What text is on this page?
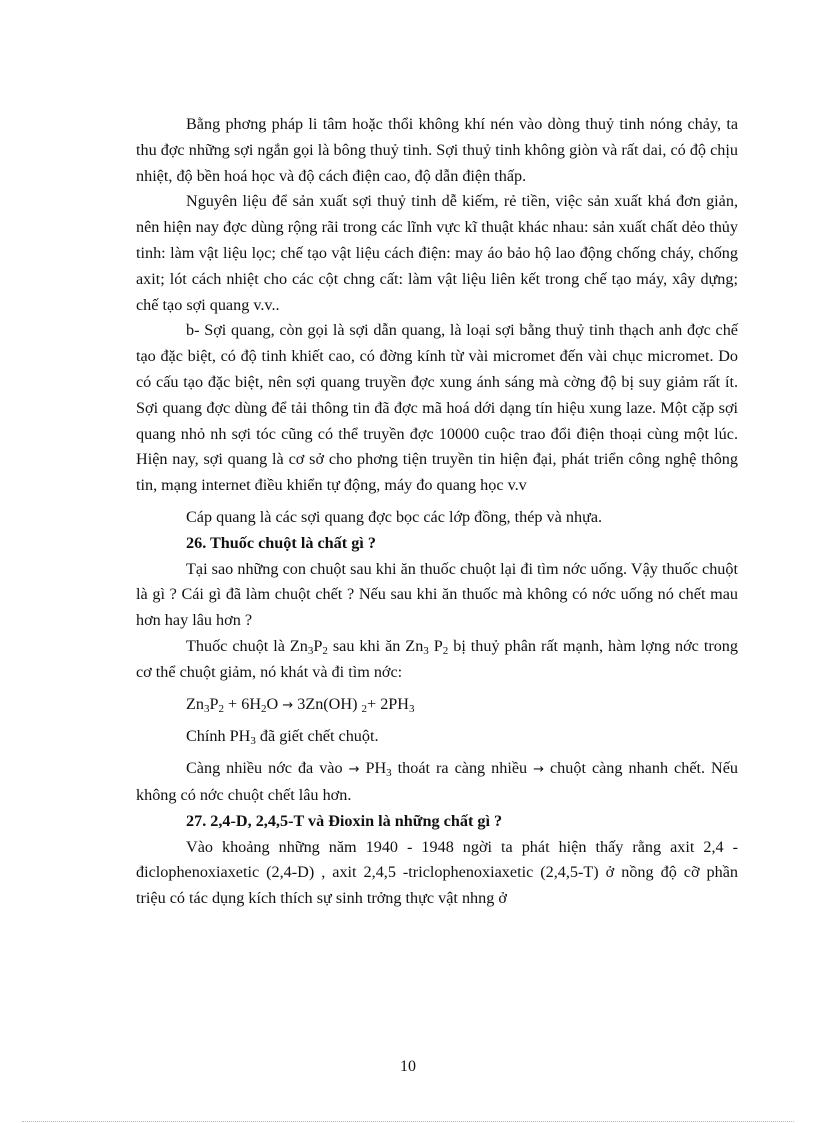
Bằng phơng pháp li tâm hoặc thổi không khí nén vào dòng thuỷ tinh nóng chảy, ta thu đợc những sợi ngắn gọi là bông thuỷ tinh. Sợi thuỷ tinh không giòn và rất dai, có độ chịu nhiệt, độ bền hoá học và độ cách điện cao, độ dẫn điện thấp.

Nguyên liệu để sản xuất sợi thuỷ tinh dễ kiếm, rẻ tiền, việc sản xuất khá đơn giản, nên hiện nay đợc dùng rộng rãi trong các lĩnh vực kĩ thuật khác nhau: sản xuất chất dẻo thủy tinh: làm vật liệu lọc; chế tạo vật liệu cách điện: may áo bảo hộ lao động chống cháy, chống axit; lót cách nhiệt cho các cột chng cất: làm vật liệu liên kết trong chế tạo máy, xây dựng; chế tạo sợi quang v.v..

b- Sợi quang, còn gọi là sợi dẫn quang, là loại sợi bằng thuỷ tinh thạch anh đợc chế tạo đặc biệt, có độ tinh khiết cao, có đờng kính từ vài micromet đến vài chục micromet. Do có cấu tạo đặc biệt, nên sợi quang truyền đợc xung ánh sáng mà cờng độ bị suy giảm rất ít. Sợi quang đợc dùng để tải thông tin đã đợc mã hoá dới dạng tín hiệu xung laze. Một cặp sợi quang nhỏ nh sợi tóc cũng có thể truyền đợc 10000 cuộc trao đổi điện thoại cùng một lúc. Hiện nay, sợi quang là cơ sở cho phơng tiện truyền tin hiện đại, phát triển công nghệ thông tin, mạng internet điều khiển tự động, máy đo quang học v.v

Cáp quang là các sợi quang đợc bọc các lớp đồng, thép và nhựa.

26. Thuốc chuột là chất gì ?

Tại sao những con chuột sau khi ăn thuốc chuột lại đi tìm nớc uống. Vậy thuốc chuột là gì ? Cái gì đã làm chuột chết ? Nếu sau khi ăn thuốc mà không có nớc uống nó chết mau hơn hay lâu hơn ?

Thuốc chuột là $Zn_3P_2$ sau khi ăn $Zn_3$ $P_2$ bị thuỷ phân rất mạnh, hàm lợng nớc trong cơ thể chuột giảm, nó khát và đi tìm nớc:

$Zn_3P_2 + 6H_2O \to 3Zn(OH)$ $_2+ 2PH_3$

Chính $PH_3$ đã giết chết chuột.

Càng nhiều nớc đa vào → $PH_3$ thoát ra càng nhiều → chuột càng nhanh chết. Nếu không có nớc chuột chết lâu hơn.

27. 2,4-D, 2,4,5-T và Đioxin là những chất gì ?

Vào khoảng những năm 1940 - 1948 ngời ta phát hiện thấy rằng axit 2,4 - điclophenoxiaxetic (2,4-D) , axit 2,4,5 -triclophenoxiaxetic (2,4,5-T) ở nồng độ cỡ phần triệu có tác dụng kích thích sự sinh trởng thực vật nhng ở

10
